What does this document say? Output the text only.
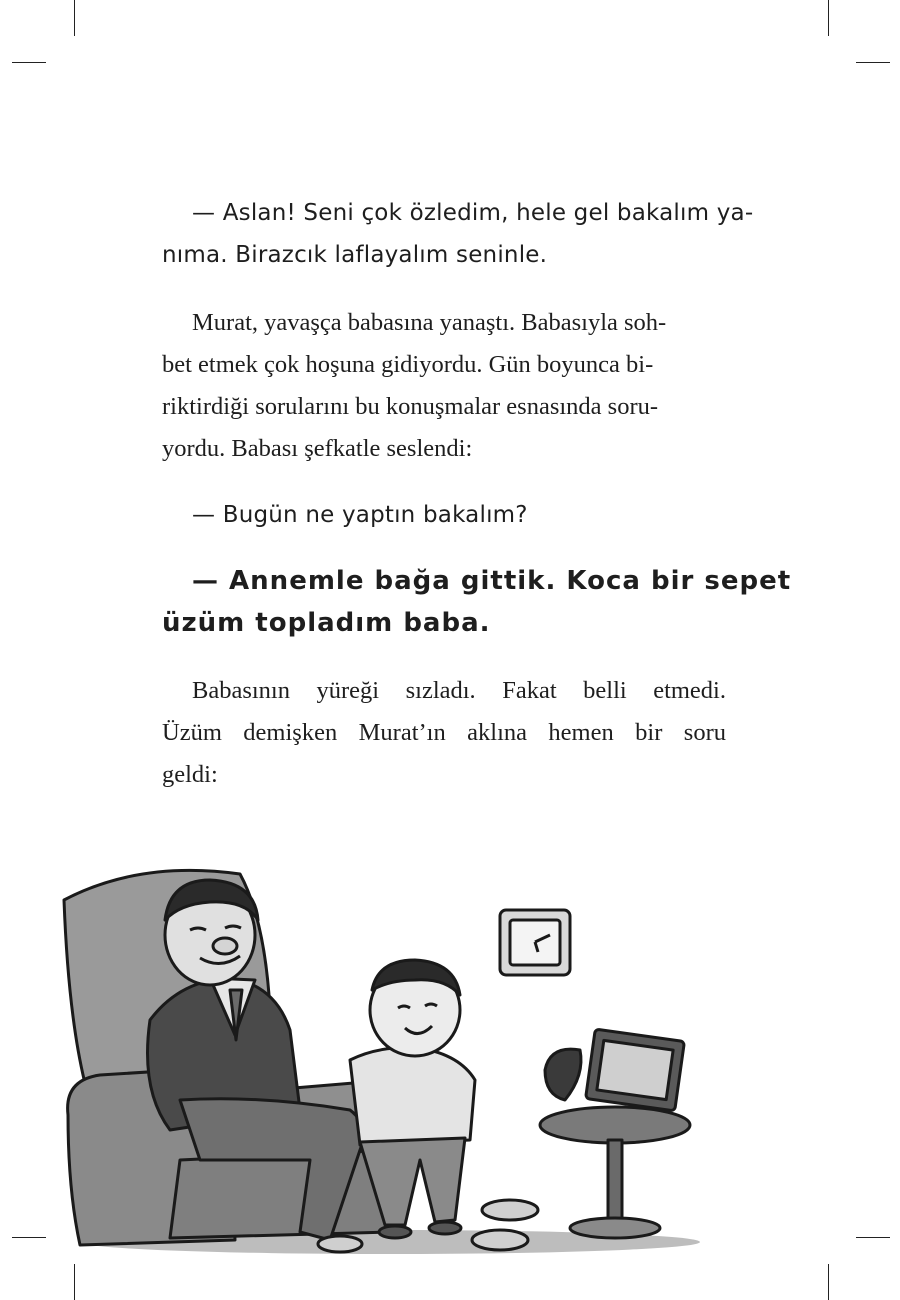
— Aslan! Seni çok özledim, hele gel bakalım ya-
nıma. Birazcık laflayalım seninle.
Murat, yavaşça babasına yanaştı. Babasıyla soh-
bet etmek çok hoşuna gidiyordu. Gün boyunca bi-
riktirdiği sorularını bu konuşmalar esnasında soru-
yordu. Babası şefkatle seslendi:
— Bugün ne yaptın bakalım?
— Annemle bağa gittik. Koca bir sepet
üzüm topladım baba.
Babasının yüreği sızladı. Fakat belli etmedi.
Üzüm demişken Murat’ın aklına hemen bir soru
geldi:
